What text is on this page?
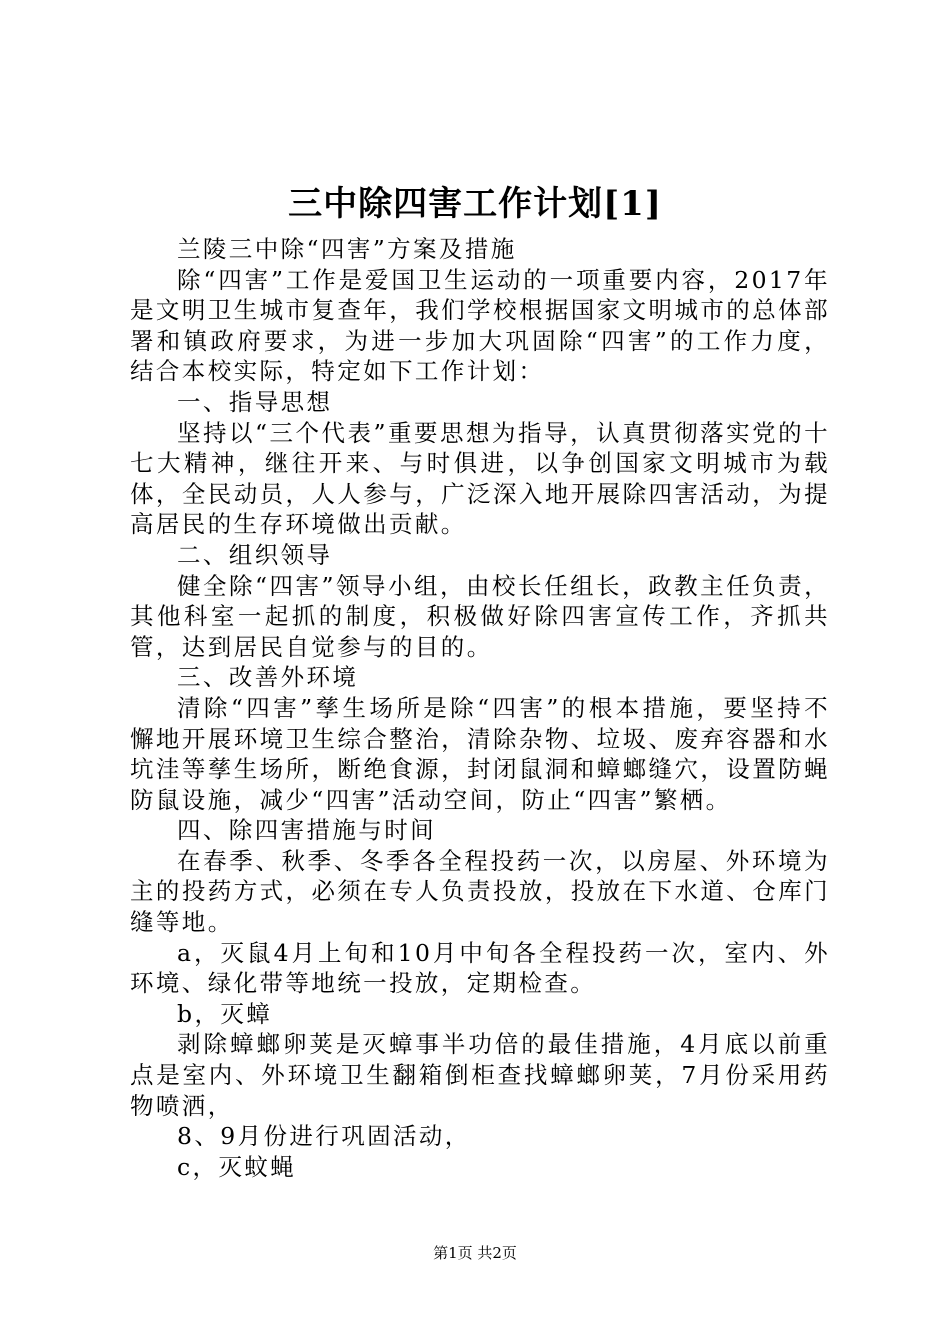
三中除四害工作计划[1]

兰陵三中除“四害”方案及措施

除“四害”工作是爱国卫生运动的一项重要内容，2017年是文明卫生城市复查年，我们学校根据国家文明城市的总体部署和镇政府要求，为进一步加大巩固除“四害”的工作力度，结合本校实际，特定如下工作计划：

一、指导思想

坚持以“三个代表”重要思想为指导，认真贯彻落实党的十七大精神，继往开来、与时俱进，以争创国家文明城市为载体，全民动员，人人参与，广泛深入地开展除四害活动，为提高居民的生存环境做出贡献。

二、组织领导

健全除“四害”领导小组，由校长任组长，政教主任负责，其他科室一起抓的制度，积极做好除四害宣传工作，齐抓共管，达到居民自觉参与的目的。

三、改善外环境

清除“四害”孳生场所是除“四害”的根本措施，要坚持不懈地开展环境卫生综合整治，清除杂物、垃圾、废弃容器和水坑洼等孳生场所，断绝食源，封闭鼠洞和蟑螂缝穴，设置防蝇防鼠设施，减少“四害”活动空间，防止“四害”繁栖。

四、除四害措施与时间

在春季、秋季、冬季各全程投药一次，以房屋、外环境为主的投药方式，必须在专人负责投放，投放在下水道、仓库门缝等地。

a，灭鼠4月上旬和10月中旬各全程投药一次，室内、外环境、绿化带等地统一投放，定期检查。

b，灭蟑

剥除蟑螂卵荚是灭蟑事半功倍的最佳措施，4月底以前重点是室内、外环境卫生翻箱倒柜查找蟑螂卵荚，7月份采用药物喷洒，

8、9月份进行巩固活动，

c，灭蚊蝇

第1页 共2页
